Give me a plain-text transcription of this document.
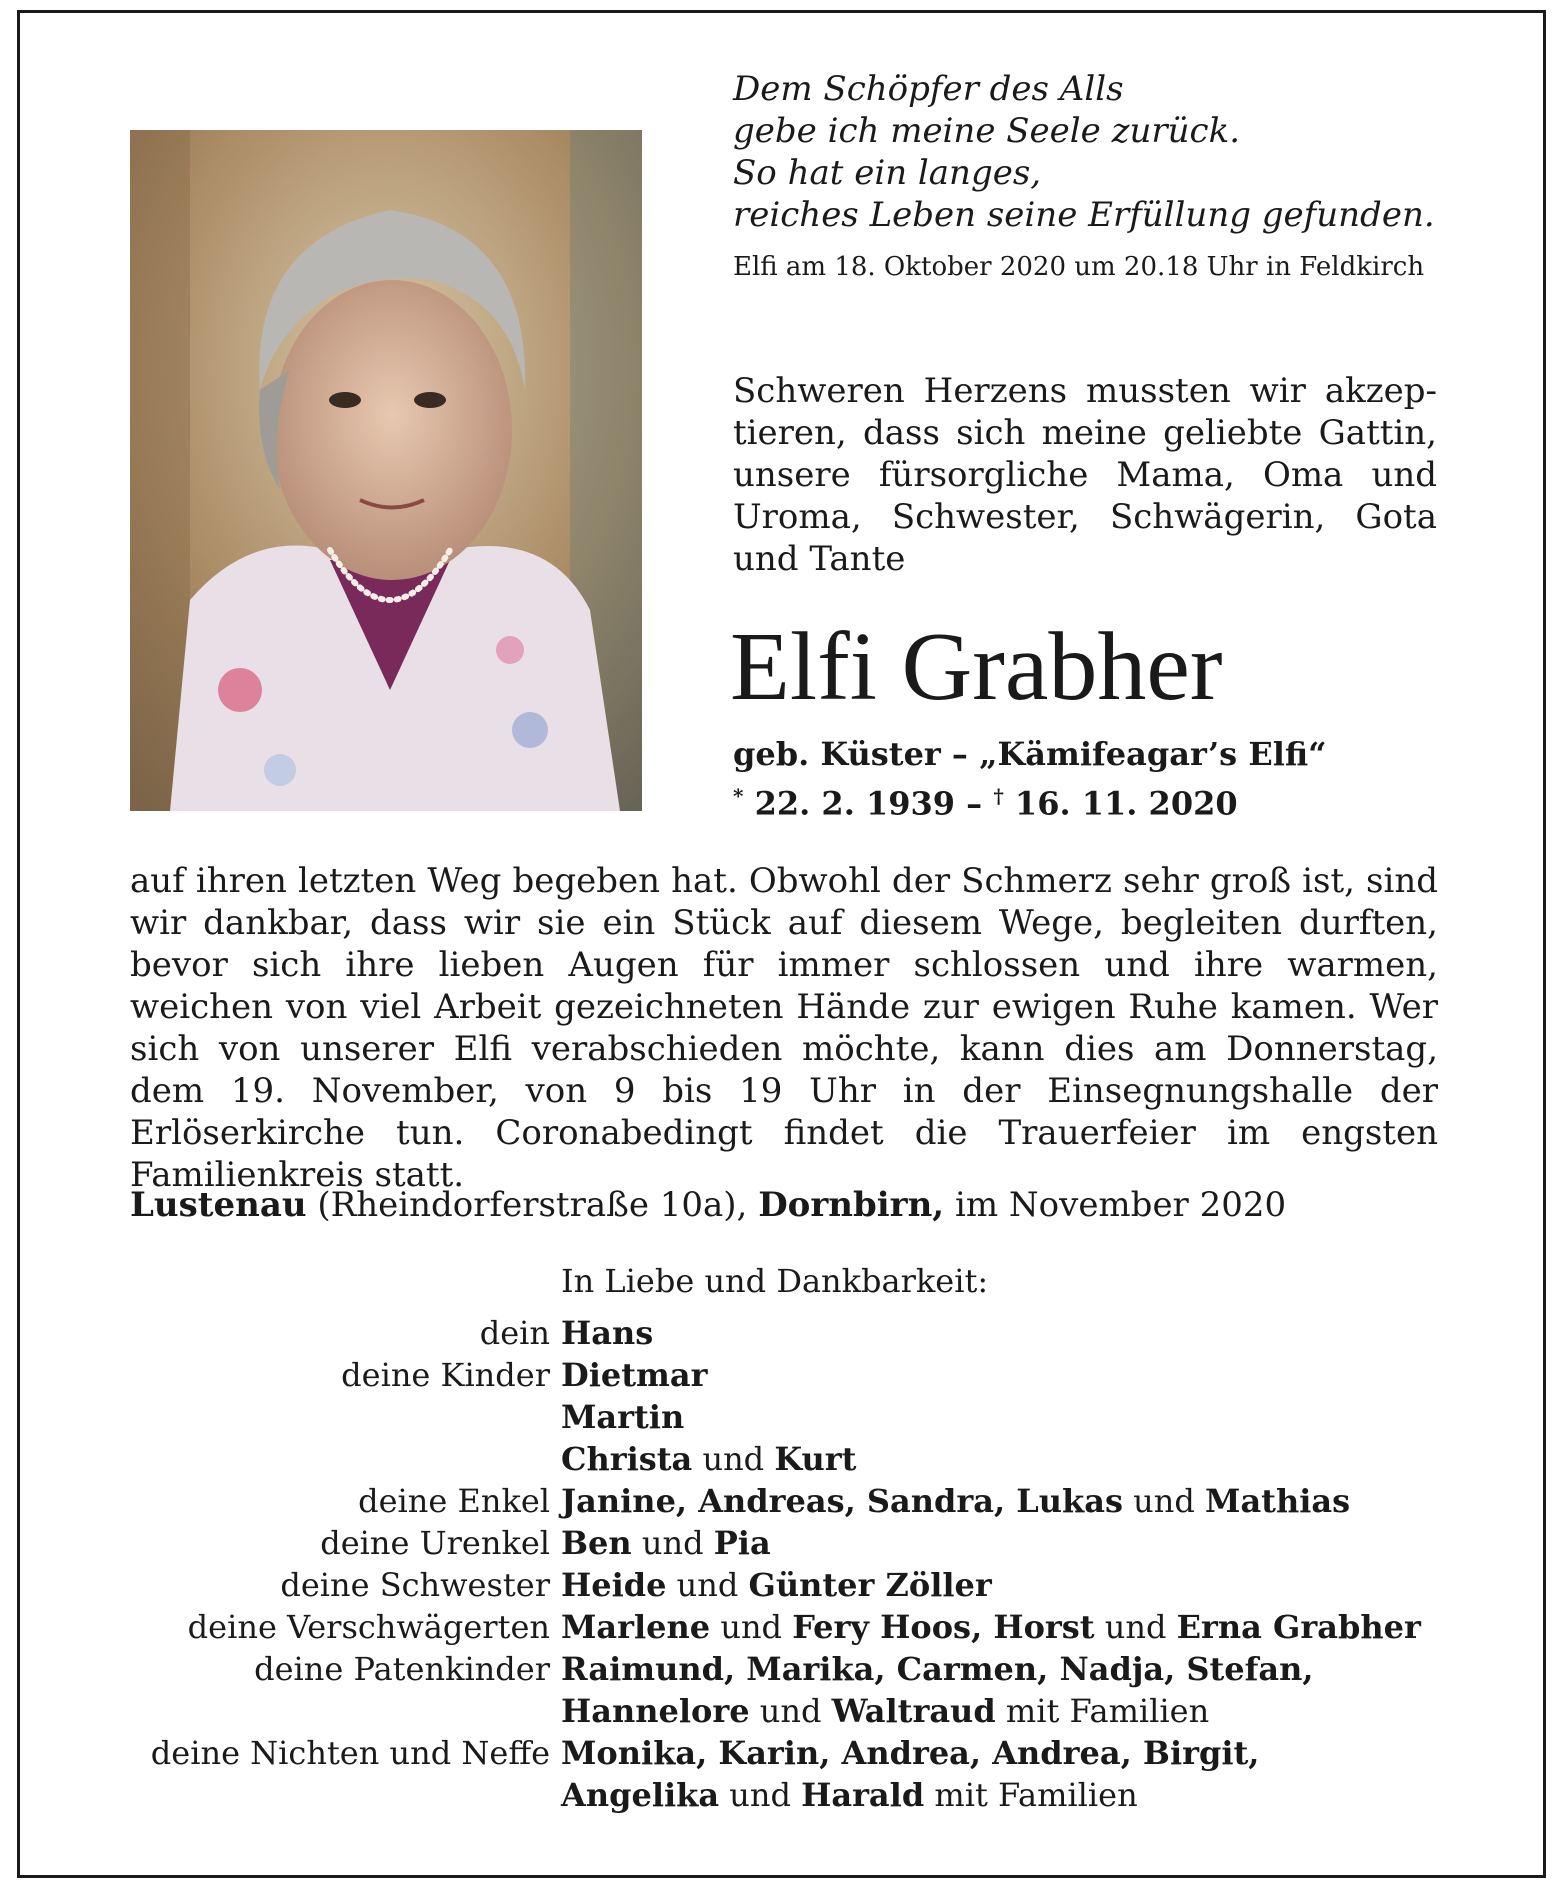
Dem Schöpfer des Alls
gebe ich meine Seele zurück.
So hat ein langes,
reiches Leben seine Erfüllung gefunden.
Elfi am 18. Oktober 2020 um 20.18 Uhr in Feldkirch
Schweren Herzens mussten wir akzeptieren, dass sich meine geliebte Gattin, unsere fürsorgliche Mama, Oma und Uroma, Schwester, Schwägerin, Gota und Tante
Elfi Grabher
geb. Küster – „Kämifeagar’s Elfi“
* 22. 2. 1939 – † 16. 11. 2020
auf ihren letzten Weg begeben hat. Obwohl der Schmerz sehr groß ist, sind wir dankbar, dass wir sie ein Stück auf diesem Wege, begleiten durften, bevor sich ihre lieben Augen für immer schlossen und ihre warmen, weichen von viel Arbeit gezeichneten Hände zur ewigen Ruhe kamen. Wer sich von unserer Elfi verabschieden möchte, kann dies am Donnerstag, dem 19. November, von 9 bis 19 Uhr in der Einsegnungshalle der Erlöserkirche tun. Coronabedingt findet die Trauerfeier im engsten Familienkreis statt.
Lustenau (Rheindorferstraße 10a), Dornbirn, im November 2020
In Liebe und Dankbarkeit:
dein Hans
deine Kinder Dietmar
Martin
Christa und Kurt
deine Enkel Janine, Andreas, Sandra, Lukas und Mathias
deine Urenkel Ben und Pia
deine Schwester Heide und Günter Zöller
deine Verschwägerten Marlene und Fery Hoos, Horst und Erna Grabher
deine Patenkinder Raimund, Marika, Carmen, Nadja, Stefan,
Hannelore und Waltraud mit Familien
deine Nichten und Neffe Monika, Karin, Andrea, Andrea, Birgit,
Angelika und Harald mit Familien
